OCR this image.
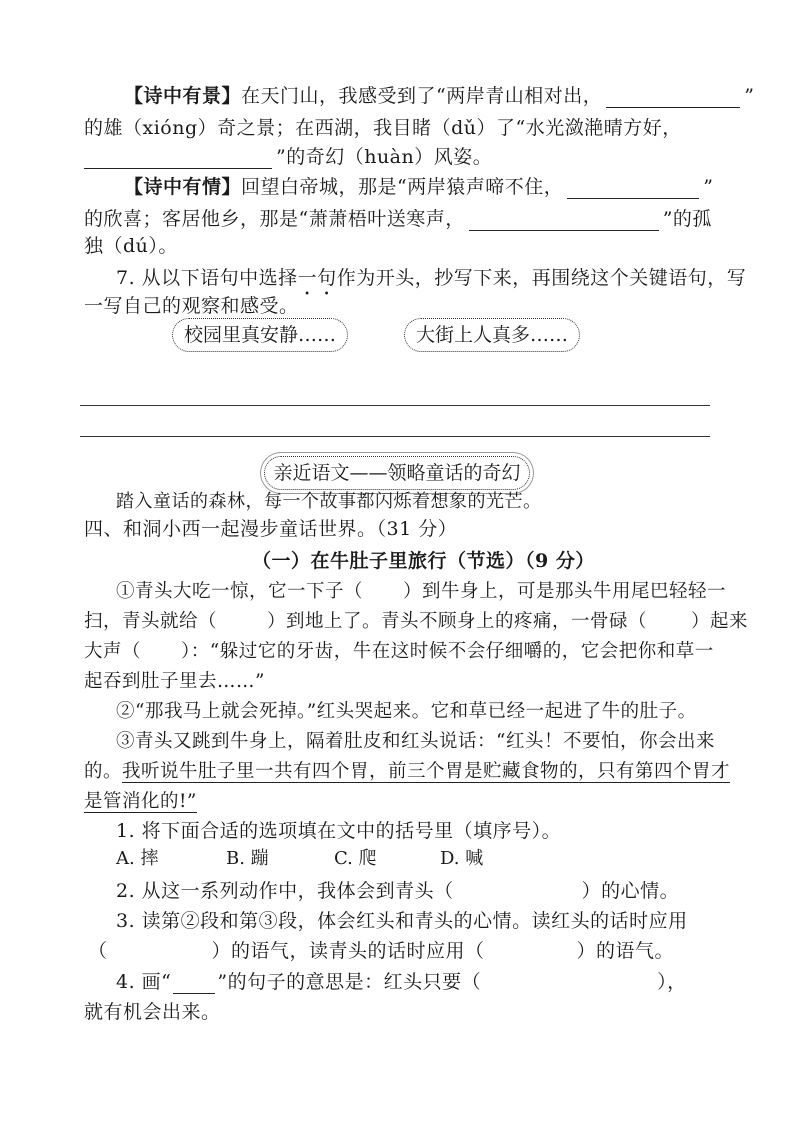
【诗中有景】在天门山，我感受到了“两岸青山相对出，	”
的雄（xióng）奇之景；在西湖，我目睹（dǔ）了“水光潋滟晴方好，
”的奇幻（huàn）风姿。
【诗中有情】回望白帝城，那是“两岸猿声啼不住，	”
的欣喜；客居他乡，那是“萧萧梧叶送寒声，	”的孤
独（dú）。
7. 从以下语句中选择一句作为开头，抄写下来，再围绕这个关键语句，写
一写自己的观察和感受。
校园里真安静……	大街上人真多……
亲近语文——领略童话的奇幻
踏入童话的森林，每一个故事都闪烁着想象的光芒。
四、和洞小西一起漫步童话世界。（31 分）
（一）在牛肚子里旅行（节选）（9 分）
①青头大吃一惊，它一下子（ ）到牛身上，可是那头牛用尾巴轻轻一
扫，青头就给（	）到地上了。青头不顾身上的疼痛，一骨碌（ ）起来
大声（ ）：“躲过它的牙齿，牛在这时候不会仔细嚼的，它会把你和草一
起吞到肚子里去……”
②“那我马上就会死掉。”红头哭起来。它和草已经一起进了牛的肚子。
③青头又跳到牛身上，隔着肚皮和红头说话：“红头！不要怕，你会出来
的。我听说牛肚子里一共有四个胃，前三个胃是贮藏食物的，只有第四个胃才
是管消化的!”
1. 将下面合适的选项填在文中的括号里（填序号）。
A. 摔	B. 蹦	C. 爬	D. 喊
2. 从这一系列动作中，我体会到青头（	）的心情。
3. 读第②段和第③段，体会红头和青头的心情。读红头的话时应用
（	）的语气，读青头的话时应用（	）的语气。
4. 画“ ”的句子的意思是：红头只要（	），
就有机会出来。
